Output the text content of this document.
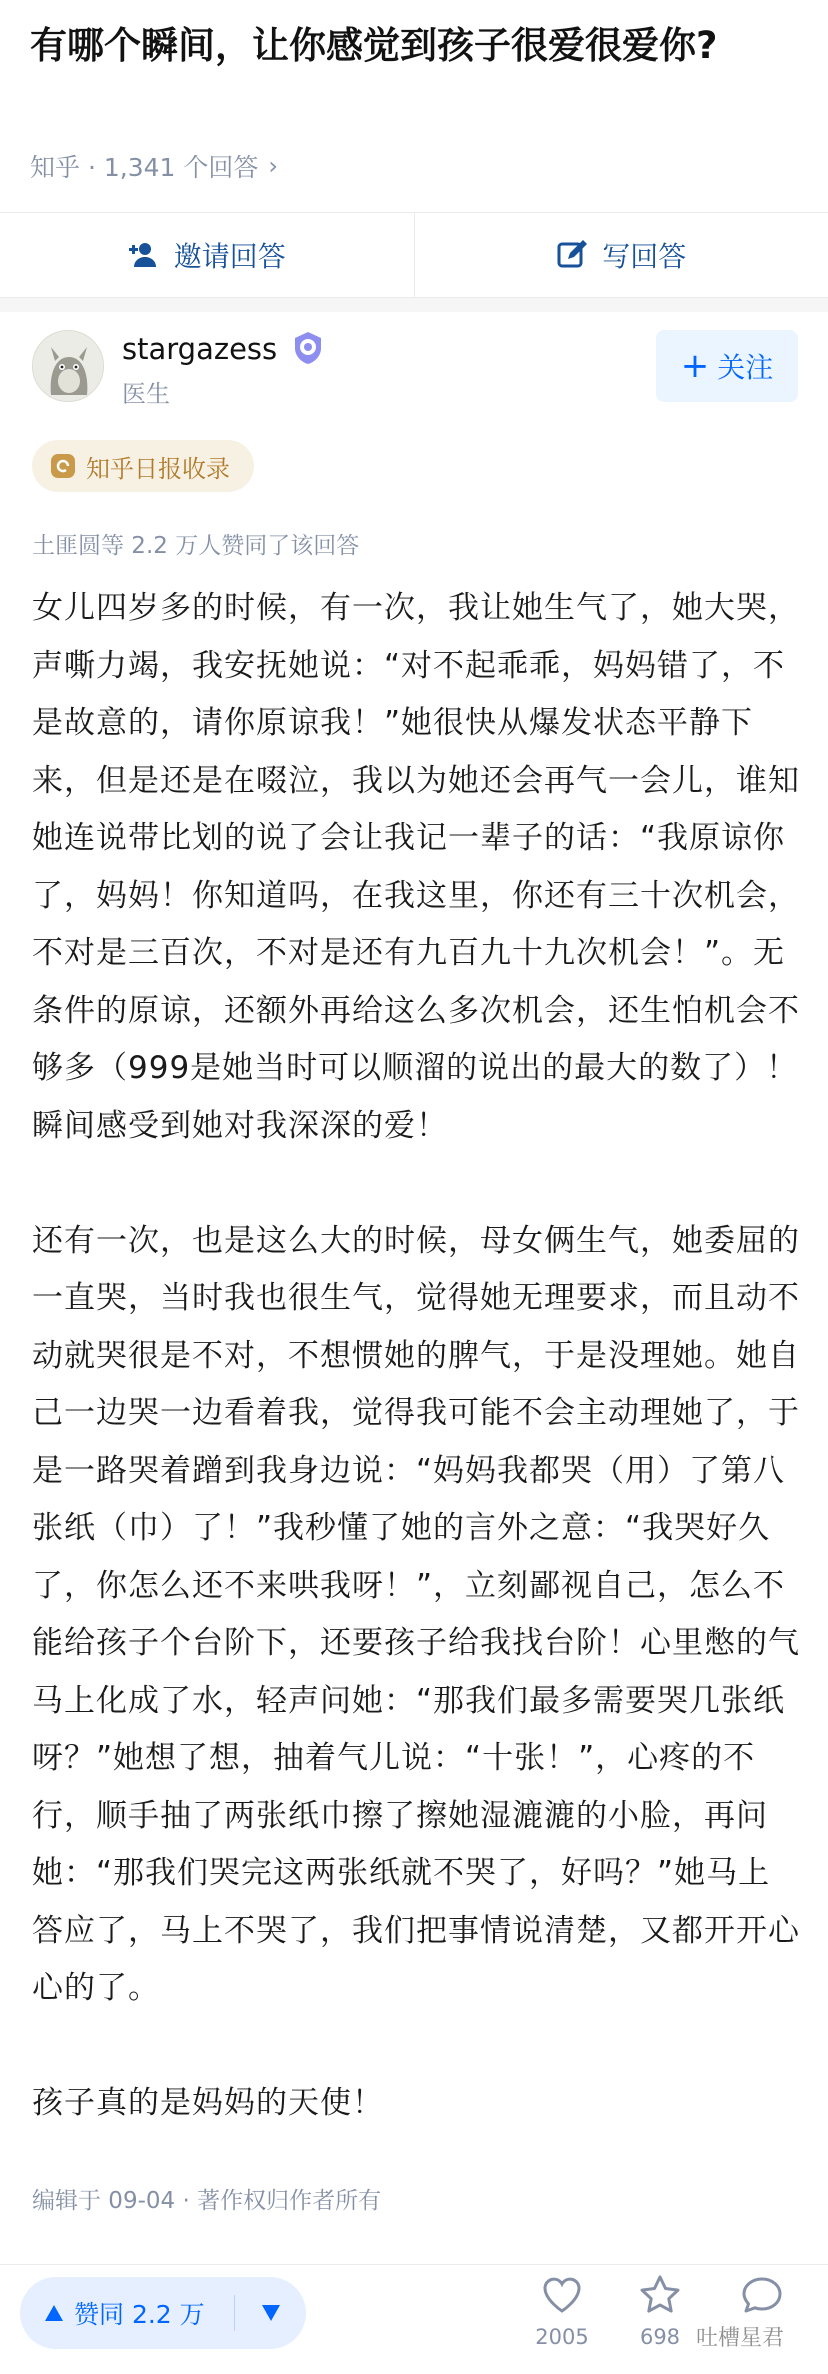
有哪个瞬间，让你感觉到孩子很爱很爱你?
知乎 · 1,341 个回答 ›
邀请回答	写回答
stargazess
医生
+ 关注
知乎日报收录
土匪圆等 2.2 万人赞同了该回答

女儿四岁多的时候，有一次，我让她生气了，她大哭，声嘶力竭，我安抚她说：“对不起乖乖，妈妈错了，不是故意的，请你原谅我！”她很快从爆发状态平静下来，但是还是在啜泣，我以为她还会再气一会儿，谁知她连说带比划的说了会让我记一辈子的话：“我原谅你了，妈妈！你知道吗，在我这里，你还有三十次机会，不对是三百次，不对是还有九百九十九次机会！”。无条件的原谅，还额外再给这么多次机会，还生怕机会不够多（999是她当时可以顺溜的说出的最大的数了）！瞬间感受到她对我深深的爱！

还有一次，也是这么大的时候，母女俩生气，她委屈的一直哭，当时我也很生气，觉得她无理要求，而且动不动就哭很是不对，不想惯她的脾气，于是没理她。她自己一边哭一边看着我，觉得我可能不会主动理她了，于是一路哭着蹭到我身边说：“妈妈我都哭（用）了第八张纸（巾）了！”我秒懂了她的言外之意：“我哭好久了，你怎么还不来哄我呀！”，立刻鄙视自己，怎么不能给孩子个台阶下，还要孩子给我找台阶！心里憋的气马上化成了水，轻声问她：“那我们最多需要哭几张纸呀？”她想了想，抽着气儿说：“十张！”，心疼的不行，顺手抽了两张纸巾擦了擦她湿漉漉的小脸，再问她：“那我们哭完这两张纸就不哭了，好吗？”她马上答应了，马上不哭了，我们把事情说清楚，又都开开心心的了。

孩子真的是妈妈的天使！

编辑于 09-04 · 著作权归作者所有
赞同 2.2 万
2005	698 吐槽星君
